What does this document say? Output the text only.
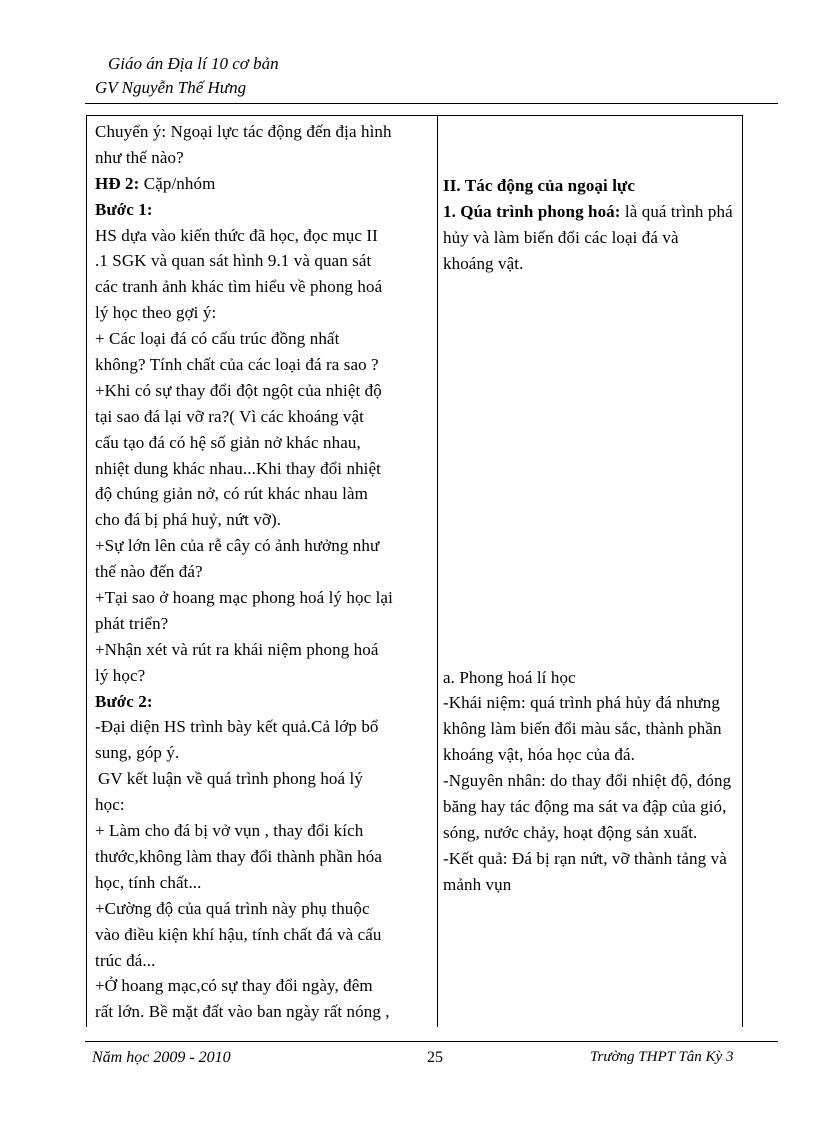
Giáo án Địa lí 10 cơ bản
GV Nguyễn Thế Hưng
Chuyển ý: Ngoại lực tác động đến địa hình
như thế nào?
HĐ 2: Cặp/nhóm
Bước 1:
HS dựa vào kiến thức đã học, đọc mục II
.1 SGK và quan sát hình 9.1 và quan sát
các tranh ảnh khác tìm hiểu về phong hoá
lý học theo gợi ý:
+ Các loại đá có cấu trúc đồng nhất
không? Tính chất của các loại đá ra sao ?
+Khi có sự thay đổi đột ngột của nhiệt độ
tại sao đá lại vỡ ra?( Vì các khoáng vật
cấu tạo đá có hệ số giản nở khác nhau,
nhiệt dung khác nhau...Khi thay đổi nhiệt
độ chúng giản nở, có rút khác nhau làm
cho đá bị phá huỷ, nứt vỡ).
+Sự lớn lên của rễ cây có ảnh hưởng như
thế nào đến đá?
+Tại sao ở hoang mạc phong hoá lý học lại
phát triển?
+Nhận xét và rút ra khái niệm phong hoá
lý học?
Bước 2:
-Đại diện HS trình bày kết quả.Cả lớp bổ
sung, góp ý.
GV kết luận về quá trình phong hoá lý
học:
+ Làm cho đá bị vở vụn , thay đổi kích
thước,không làm thay đổi thành phần hóa
học, tính chất...
+Cường độ của quá trình này phụ thuộc
vào điều kiện khí hậu, tính chất đá và cấu
trúc đá...
+Ở hoang mạc,có sự thay đổi ngày, đêm
rất lớn. Bề mặt đất vào ban ngày rất nóng ,
II. Tác động của ngoại lực
1. Qúa trình phong hoá: là quá trình phá
hủy và làm biến đổi các loại đá và
khoáng vật.
a. Phong hoá lí học
-Khái niệm: quá trình phá hủy đá nhưng
không làm biến đổi màu sắc, thành phần
khoáng vật, hóa học của đá.
-Nguyên nhân: do thay đổi nhiệt độ, đóng
băng hay tác động ma sát va đập của gió,
sóng, nước chảy, hoạt động sản xuất.
-Kết quả: Đá bị rạn nứt, vỡ thành tảng và
mảnh vụn
Năm học 2009 - 2010	25	Trường THPT Tân Kỳ 3
